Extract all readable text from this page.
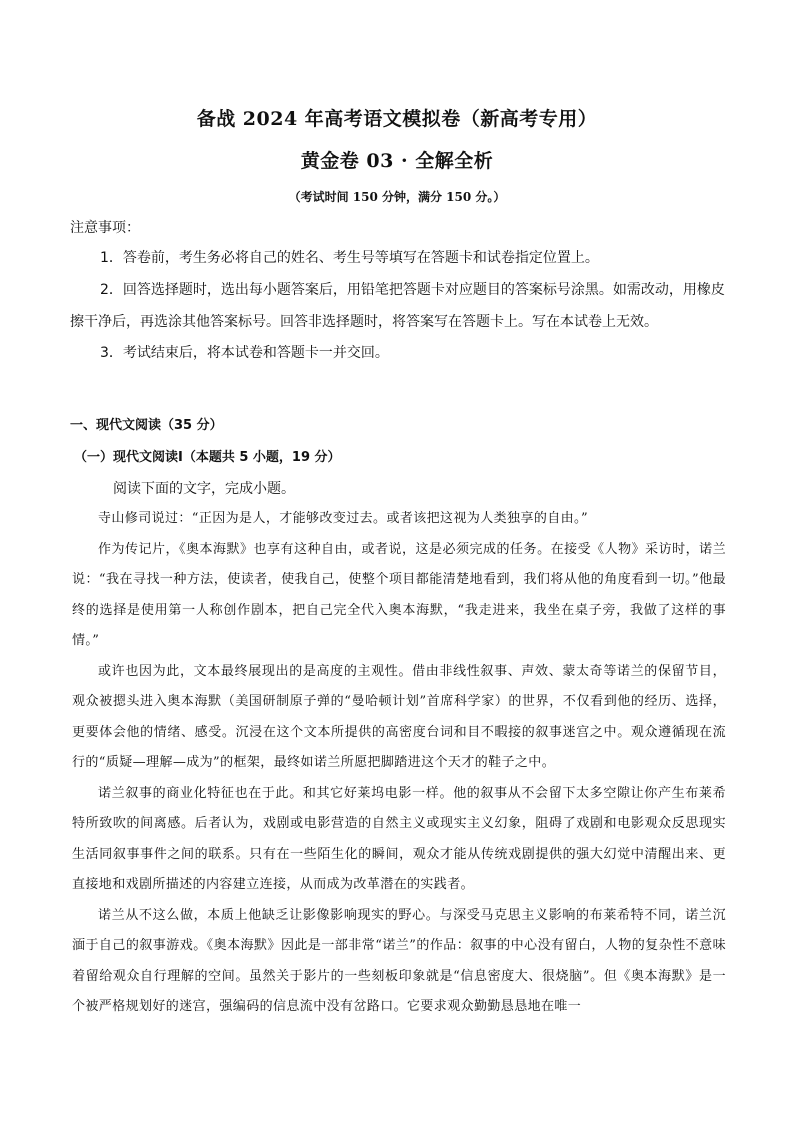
备战 2024 年高考语文模拟卷（新高考专用）
黄金卷 03 · 全解全析
（考试时间 150 分钟，满分 150 分。）
注意事项：
1．答卷前，考生务必将自己的姓名、考生号等填写在答题卡和试卷指定位置上。
2．回答选择题时，选出每小题答案后，用铅笔把答题卡对应题目的答案标号涂黑。如需改动，用橡皮
擦干净后，再选涂其他答案标号。回答非选择题时，将答案写在答题卡上。写在本试卷上无效。
3．考试结束后，将本试卷和答题卡一并交回。
一、现代文阅读（35 分）
（一）现代文阅读Ⅰ（本题共 5 小题，19 分）
阅读下面的文字，完成小题。

寺山修司说过：“正因为是人，才能够改变过去。或者该把这视为人类独享的自由。”

作为传记片，《奥本海默》也享有这种自由，或者说，这是必须完成的任务。在接受《人物》采访时，诺兰说：“我在寻找一种方法，使读者，使我自己，使整个项目都能清楚地看到，我们将从他的角度看到一切。”他最终的选择是使用第一人称创作剧本，把自己完全代入奥本海默，“我走进来，我坐在桌子旁，我做了这样的事情。”

或许也因为此，文本最终展现出的是高度的主观性。借由非线性叙事、声效、蒙太奇等诺兰的保留节目，观众被摁头进入奥本海默（美国研制原子弹的“曼哈顿计划”首席科学家）的世界，不仅看到他的经历、选择，更要体会他的情绪、感受。沉浸在这个文本所提供的高密度台词和目不暇接的叙事迷宫之中。观众遵循现在流行的“质疑—理解—成为”的框架，最终如诺兰所愿把脚踏进这个天才的鞋子之中。

诺兰叙事的商业化特征也在于此。和其它好莱坞电影一样。他的叙事从不会留下太多空隙让你产生布莱希特所致吹的间离感。后者认为，戏剧或电影营造的自然主义或现实主义幻象，阻碍了戏剧和电影观众反思现实生活同叙事事件之间的联系。只有在一些陌生化的瞬间，观众才能从传统戏剧提供的强大幻觉中清醒出来、更直接地和戏剧所描述的内容建立连接，从而成为改革潜在的实践者。

诺兰从不这么做，本质上他缺乏让影像影响现实的野心。与深受马克思主义影响的布莱希特不同，诺兰沉湎于自己的叙事游戏。《奥本海默》因此是一部非常“诺兰”的作品：叙事的中心没有留白，人物的复杂性不意味着留给观众自行理解的空间。虽然关于影片的一些刻板印象就是“信息密度大、很烧脑”。但《奥本海默》是一个被严格规划好的迷宫，强编码的信息流中没有岔路口。它要求观众勤勤恳恳地在唯一
